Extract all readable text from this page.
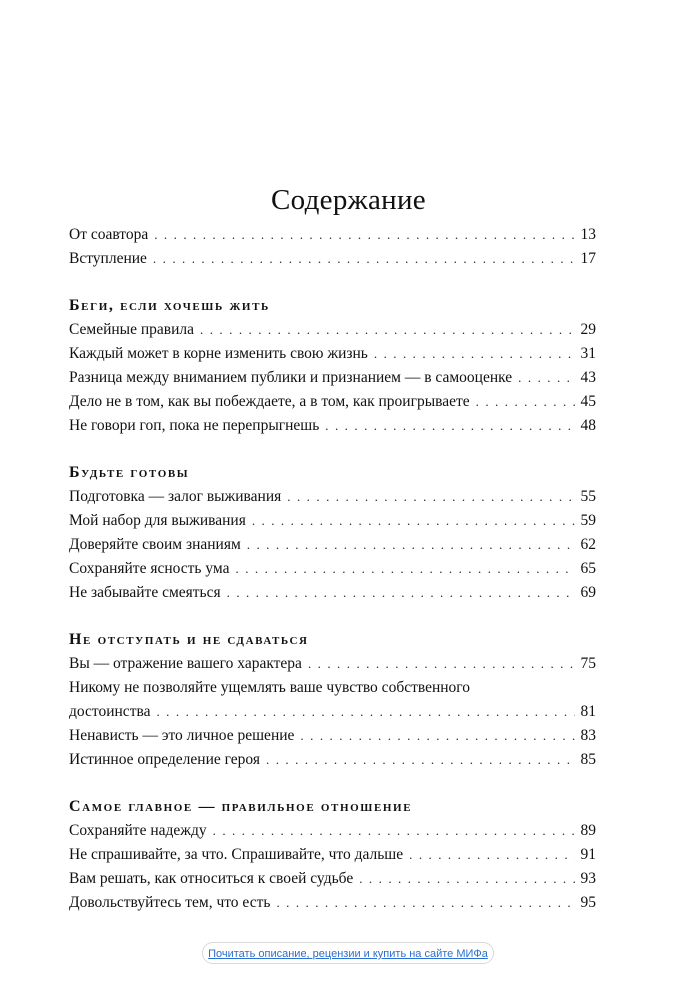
Содержание
От соавтора . . .	13
Вступление . . .	17
Беги, если хочешь жить
Семейные правила . . .	29
Каждый может в корне изменить свою жизнь . . .	31
Разница между вниманием публики и признанием — в самооценке . . .	43
Дело не в том, как вы побеждаете, а в том, как проигрываете . . .	45
Не говори гоп, пока не перепрыгнешь . . .	48
Будьте готовы
Подготовка — залог выживания . . .	55
Мой набор для выживания . . .	59
Доверяйте своим знаниям . . .	62
Сохраняйте ясность ума . . .	65
Не забывайте смеяться . . .	69
Не отступать и не сдаваться
Вы — отражение вашего характера . . .	75
Никому не позволяйте ущемлять ваше чувство собственного
достоинства . . .	81
Ненависть — это личное решение . . .	83
Истинное определение героя . . .	85
Самое главное — правильное отношение
Сохраняйте надежду . . .	89
Не спрашивайте, за что. Спрашивайте, что дальше . . .	91
Вам решать, как относиться к своей судьбе . . .	93
Довольствуйтесь тем, что есть . . .	95
Почитать описание, рецензии и купить на сайте МИФа
